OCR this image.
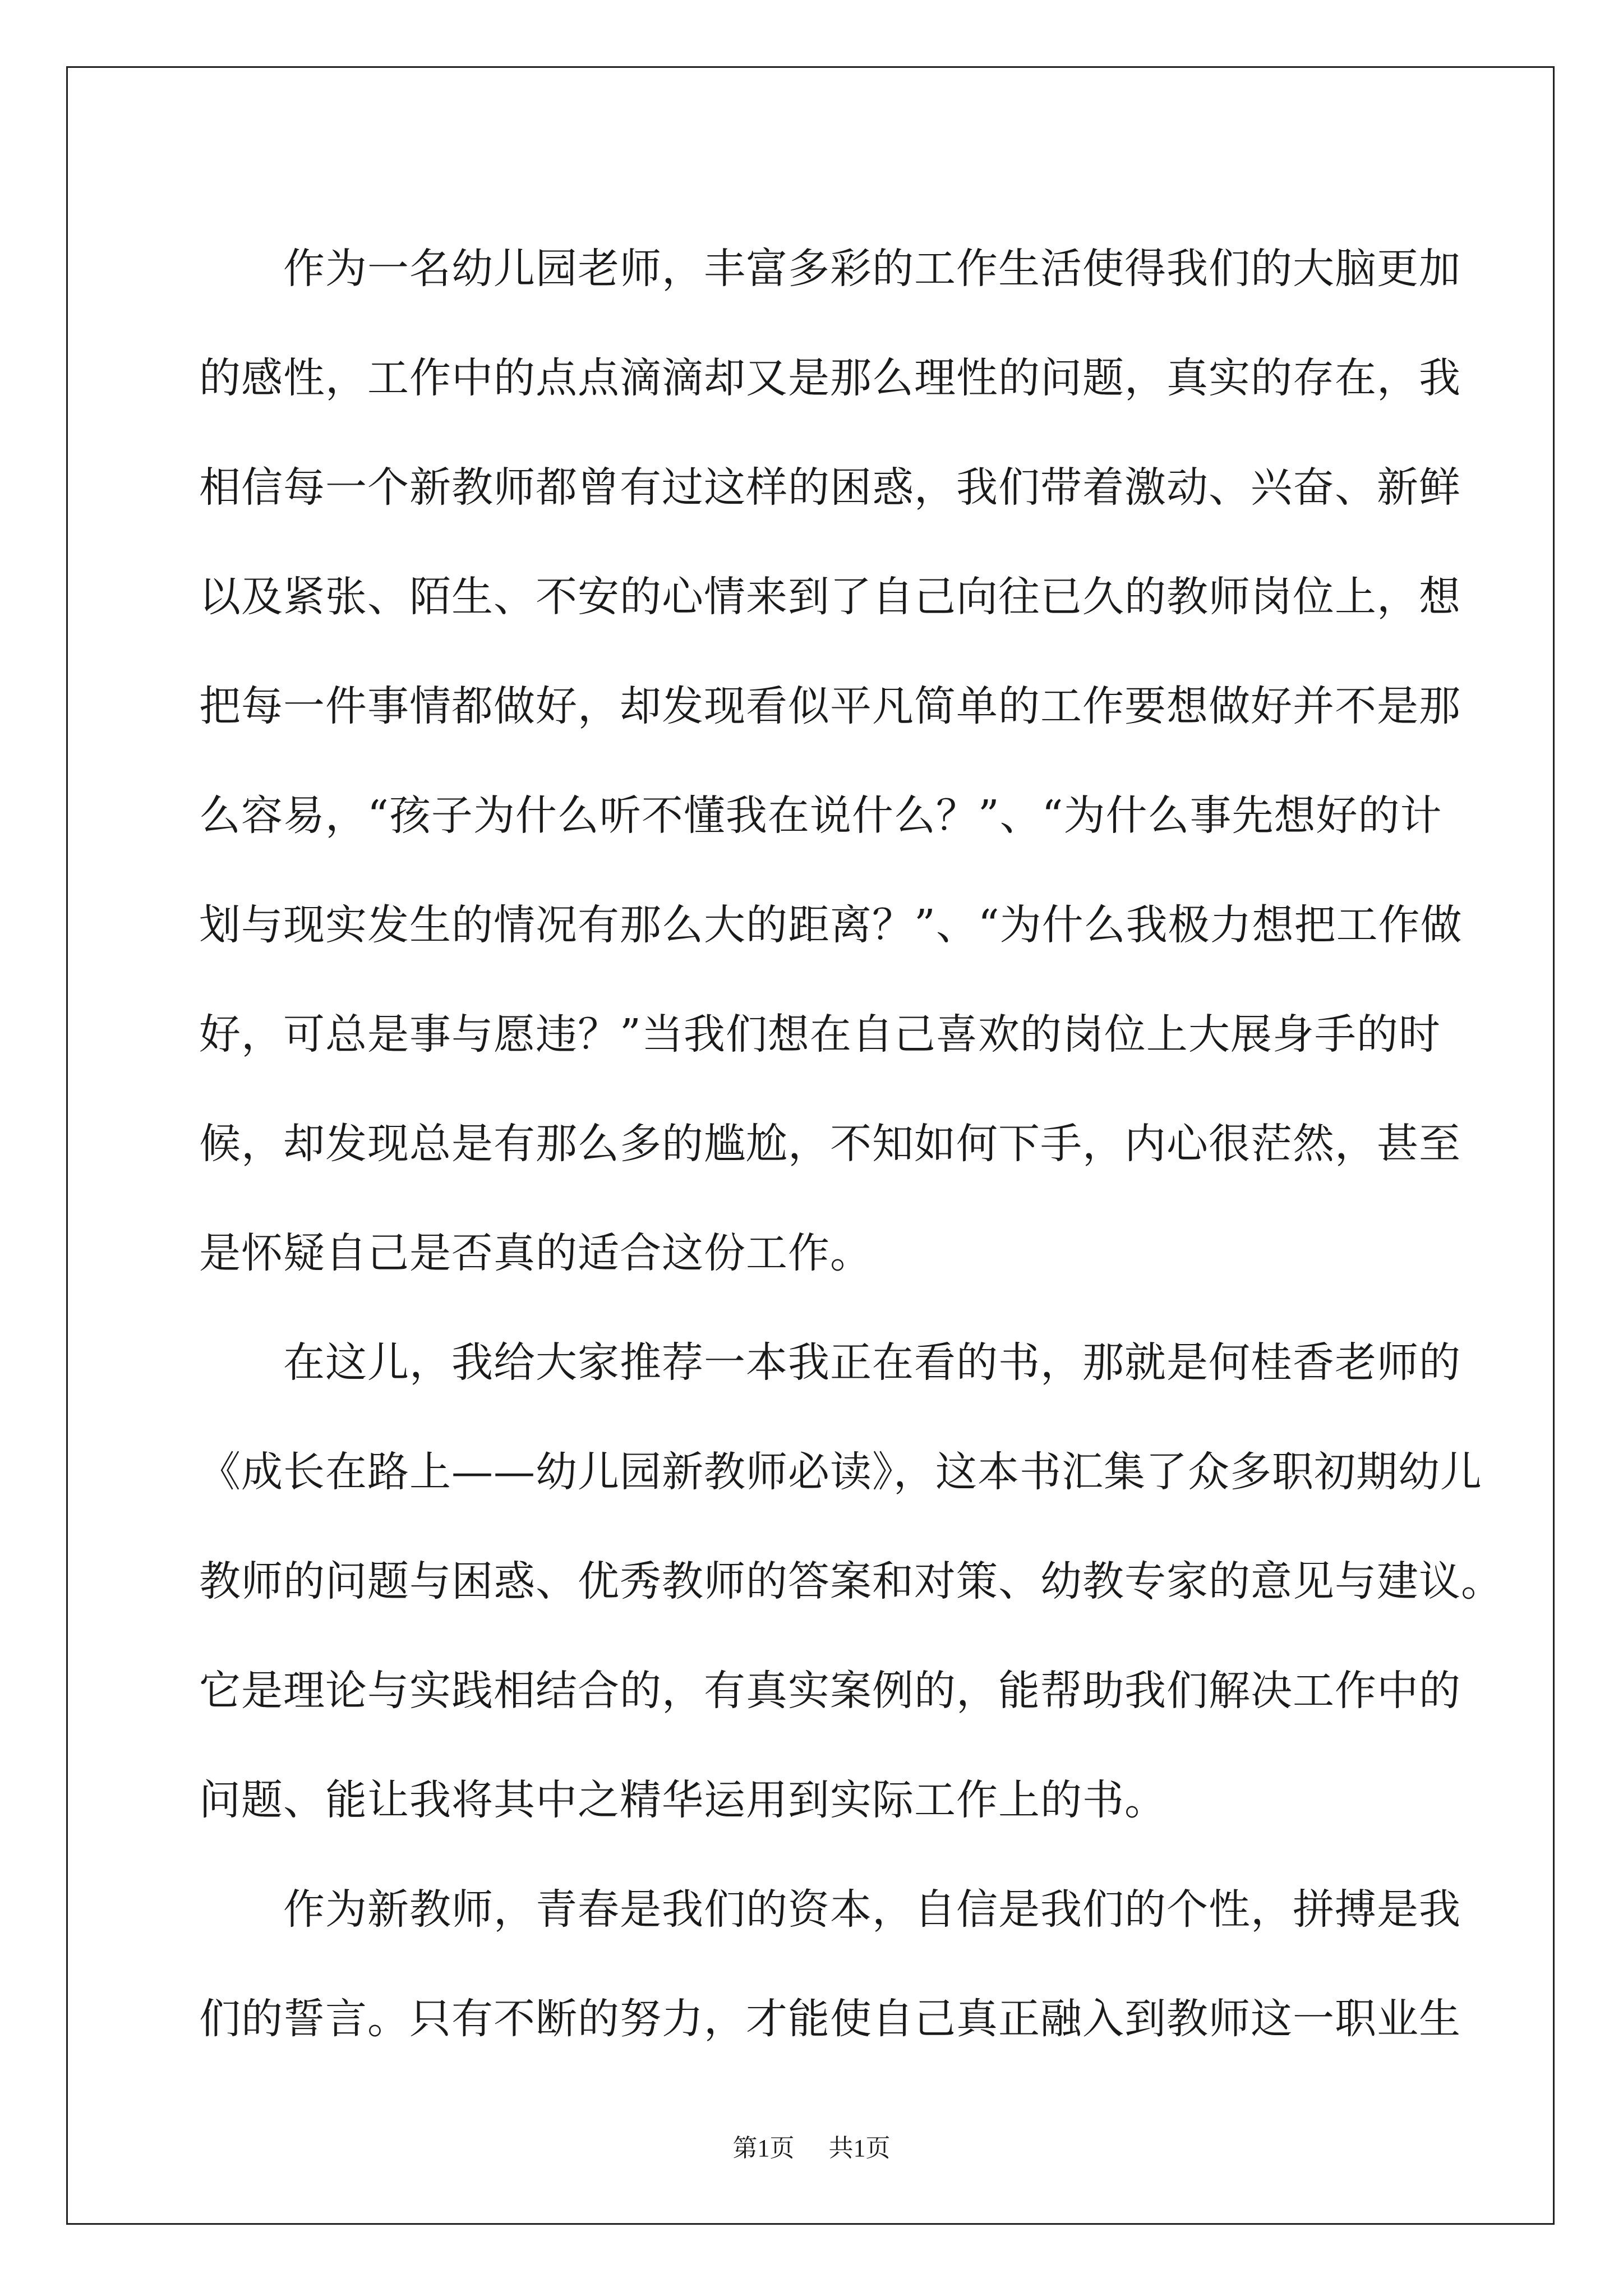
　　作为一名幼儿园老师，丰富多彩的工作生活使得我们的大脑更加
的感性，工作中的点点滴滴却又是那么理性的问题，真实的存在，我
相信每一个新教师都曾有过这样的困惑，我们带着激动、兴奋、新鲜
以及紧张、陌生、不安的心情来到了自己向往已久的教师岗位上，想
把每一件事情都做好，却发现看似平凡简单的工作要想做好并不是那
么容易，“孩子为什么听不懂我在说什么？”、“为什么事先想好的计
划与现实发生的情况有那么大的距离？”、“为什么我极力想把工作做
好，可总是事与愿违？”当我们想在自己喜欢的岗位上大展身手的时
候，却发现总是有那么多的尴尬，不知如何下手，内心很茫然，甚至
是怀疑自己是否真的适合这份工作。
　　在这儿，我给大家推荐一本我正在看的书，那就是何桂香老师的
《成长在路上——幼儿园新教师必读》，这本书汇集了众多职初期幼儿
教师的问题与困惑、优秀教师的答案和对策、幼教专家的意见与建议。
它是理论与实践相结合的，有真实案例的，能帮助我们解决工作中的
问题、能让我将其中之精华运用到实际工作上的书。
　　作为新教师，青春是我们的资本，自信是我们的个性，拼搏是我
们的誓言。只有不断的努力，才能使自己真正融入到教师这一职业生
第1页 共1页
